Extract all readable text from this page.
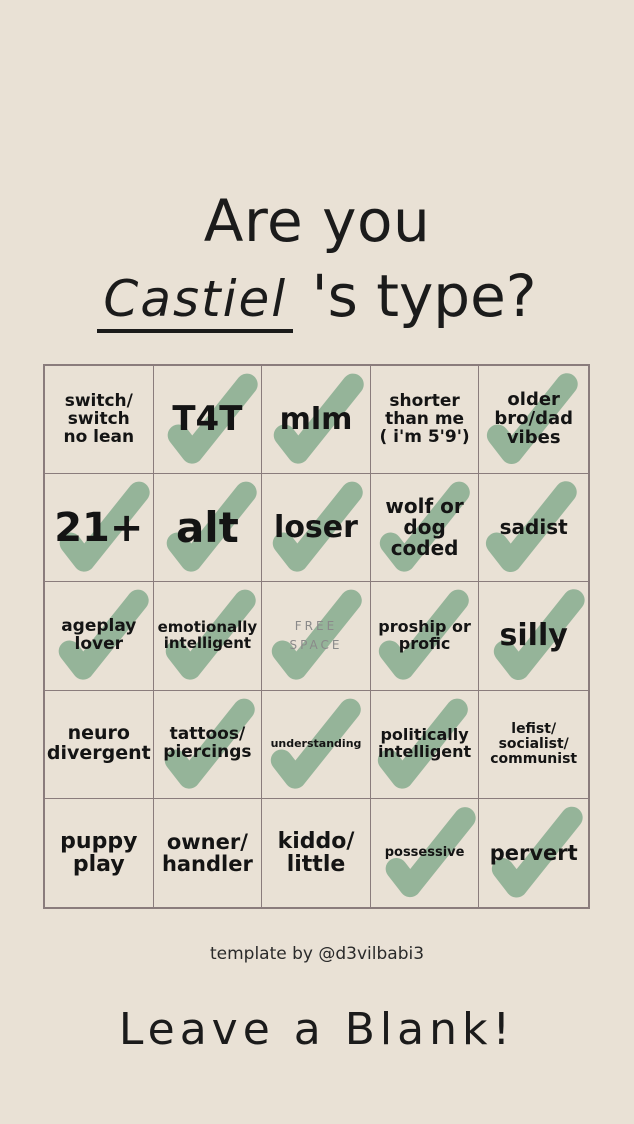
Are you
Castiel
's type?
switch/
switch
no lean T4T mlm
shorter
than me
( i'm 5'9')
older
bro/dad
vibes
21+ alt loser
wolf or
dog
coded
sadist
ageplay
lover
emotionally
intelligent
FREE
SPACE
proship or
profic	silly
neuro
divergent
tattoos/
piercings understanding politically
intelligent
lefist/
socialist/
communist
puppy
play
owner/
handler
kiddo/
little	possessive pervert
template by @d3vilbabi3
Leave a Blank!
